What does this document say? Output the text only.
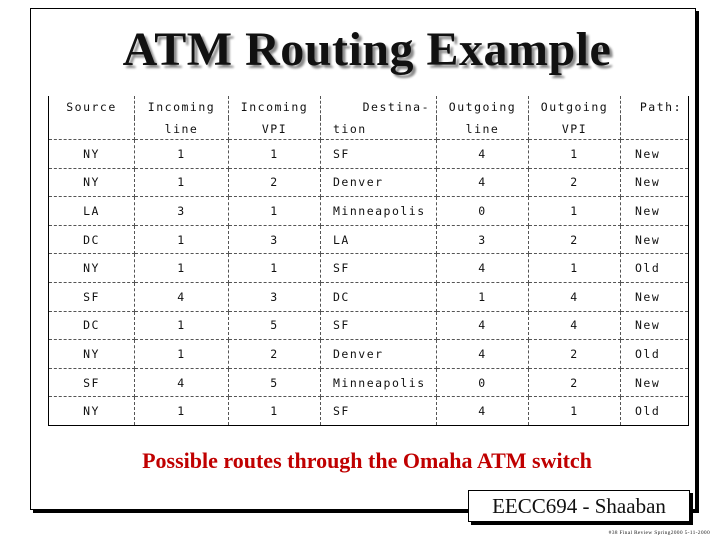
ATM Routing Example
Source	Incoming	Incoming	Destina-	Outgoing	Outgoing	Path:
	line	VPI	tion	line	VPI	
NY	1	1	SF	4	1	New
NY	1	2	Denver	4	2	New
LA	3	1	Minneapolis	0	1	New
DC	1	3	LA	3	2	New
NY	1	1	SF	4	1	Old
SF	4	3	DC	1	4	New
DC	1	5	SF	4	4	New
NY	1	2	Denver	4	2	Old
SF	4	5	Minneapolis	0	2	New
NY	1	1	SF	4	1	Old
Possible routes through the Omaha ATM switch
EECC694 - Shaaban
#38 Final Review Spring2000 5-11-2000
